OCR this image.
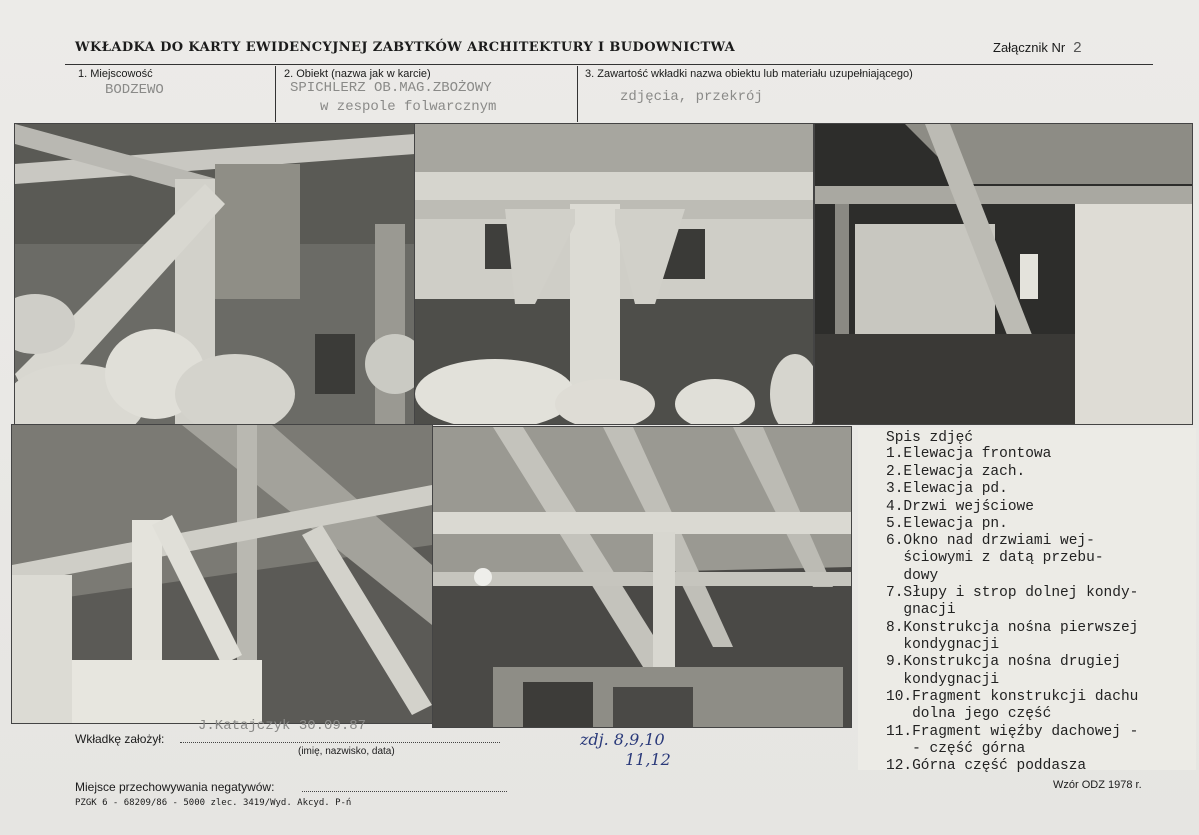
WKŁADKA DO KARTY EWIDENCYJNEJ ZABYTKÓW ARCHITEKTURY I BUDOWNICTWA	Załącznik Nr 2
1. Miejscowość
BODZEWO
2. Obiekt (nazwa jak w karcie)
SPICHLERZ OB.MAG.ZBOŻOWY
w zespole folwarcznym
3. Zawartość wkładki nazwa obiektu lub materiału uzupełniającego)
zdjęcia, przekrój
Spis zdjęć
1.Elewacja frontowa
2.Elewacja zach.
3.Elewacja pd.
4.Drzwi wejściowe
5.Elewacja pn.
6.Okno nad drzwiami wej-
ściowymi z datą przebu-
dowy
7.Słupy i strop dolnej kondy-
gnacji
8.Konstrukcja nośna pierwszej
kondygnacji
9.Konstrukcja nośna drugiej
kondygnacji
10.Fragment konstrukcji dachu
dolna jego część
11.Fragment więźby dachowej -
- część górna
12.Górna część poddasza
Wkładkę założył:
J.Katajczyk 30.09.87
(imię, nazwisko, data)
zdj. 8,9,10
11,12
Miejsce przechowywania negatywów:
PZGK 6 - 68209/86 - 5000 zlec. 3419/Wyd. Akcyd. P-ń
Wzór ODZ 1978 r.
